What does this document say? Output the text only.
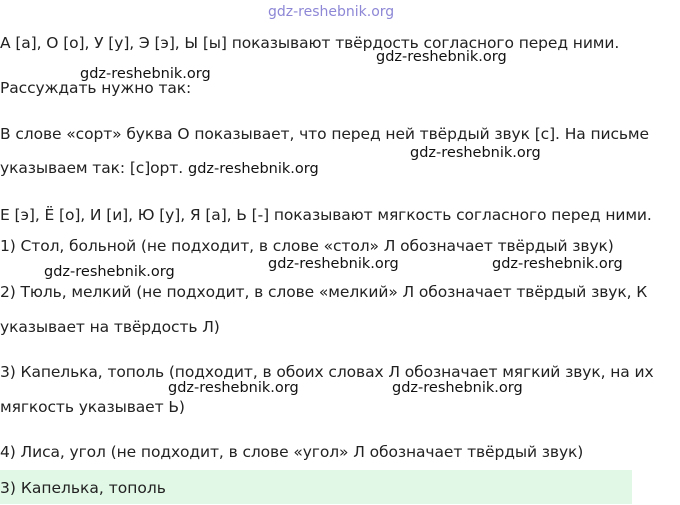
gdz-reshebnik.org
А [а], О [о], У [у], Э [э], Ы [ы] показывают твёрдость согласного перед ними.
gdz-reshebnik.org
gdz-reshebnik.org
Рассуждать нужно так:
В слове «сорт» буква О показывает, что перед ней твёрдый звук [с]. На письме
gdz-reshebnik.org
указываем так: [с]орт. gdz-reshebnik.org
Е [э], Ё [о], И [и], Ю [у], Я [а], Ь [-] показывают мягкость согласного перед ними.
1) Стол, больной (не подходит, в слове «стол» Л обозначает твёрдый звук)
gdz-reshebnik.org	gdz-reshebnik.org
gdz-reshebnik.org
2) Тюль, мелкий (не подходит, в слове «мелкий» Л обозначает твёрдый звук, К
указывает на твёрдость Л)
3) Капелька, тополь (подходит, в обоих словах Л обозначает мягкий звук, на их
gdz-reshebnik.org	gdz-reshebnik.org
мягкость указывает Ь)
4) Лиса, угол (не подходит, в слове «угол» Л обозначает твёрдый звук)
3) Капелька, тополь
